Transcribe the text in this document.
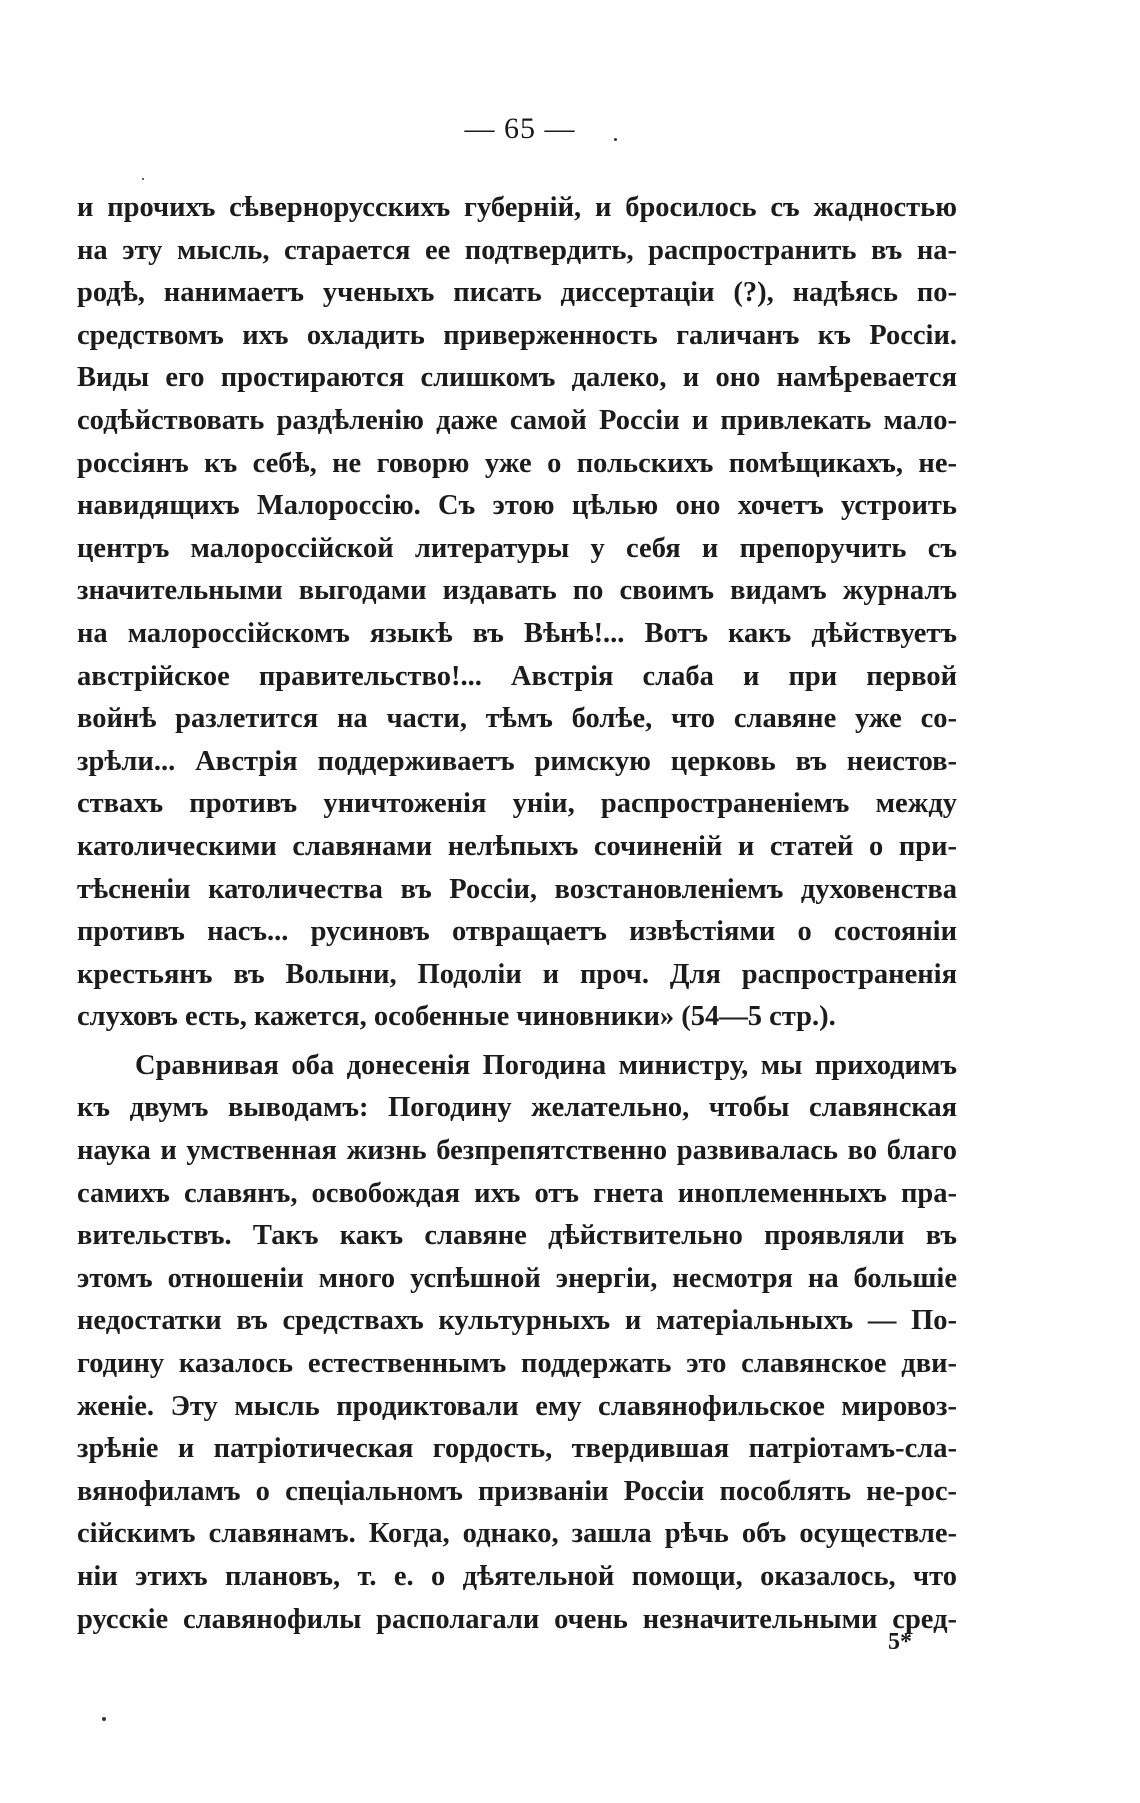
— 65 —
и прочихъ сѣвернорусскихъ губерній, и бросилось съ жадностью
на эту мысль, старается ее подтвердить, распространить въ на-
родѣ, нанимаетъ ученыхъ писать диссертаціи (?), надѣясь по-
средствомъ ихъ охладить приверженность галичанъ къ Россіи.
Виды его простираются слишкомъ далеко, и оно намѣревается
содѣйствовать раздѣленію даже самой Россіи и привлекать мало-
россіянъ къ себѣ, не говорю уже о польскихъ помѣщикахъ, не-
навидящихъ Малороссію. Съ этою цѣлью оно хочетъ устроить
центръ малороссійской литературы у себя и препоручить съ
значительными выгодами издавать по своимъ видамъ журналъ
на малороссійскомъ языкѣ въ Вѣнѣ!... Вотъ какъ дѣйствуетъ
австрійское правительство!... Австрія слаба и при первой
войнѣ разлетится на части, тѣмъ болѣе, что славяне уже со-
зрѣли... Австрія поддерживаетъ римскую церковь въ неистов-
ствахъ противъ уничтоженія уніи, распространеніемъ между
католическими славянами нелѣпыхъ сочиненій и статей о при-
тѣсненіи католичества въ Россіи, возстановленіемъ духовенства
противъ насъ... русиновъ отвращаетъ извѣстіями о состояніи
крестьянъ въ Волыни, Подоліи и проч. Для распространенія
слуховъ есть, кажется, особенные чиновники» (54—5 стр.).
Сравнивая оба донесенія Погодина министру, мы приходимъ
къ двумъ выводамъ: Погодину желательно, чтобы славянская
наука и умственная жизнь безпрепятственно развивалась во благо
самихъ славянъ, освобождая ихъ отъ гнета иноплеменныхъ пра-
вительствъ. Такъ какъ славяне дѣйствительно проявляли въ
этомъ отношеніи много успѣшной энергіи, несмотря на большіе
недостатки въ средствахъ культурныхъ и матеріальныхъ — По-
годину казалось естественнымъ поддержать это славянское дви-
женіе. Эту мысль продиктовали ему славянофильское мировоз-
зрѣніе и патріотическая гордость, твердившая патріотамъ-сла-
вянофиламъ о спеціальномъ призваніи Россіи пособлять не-рос-
сійскимъ славянамъ. Когда, однако, зашла рѣчь объ осуществле-
ніи этихъ плановъ, т. е. о дѣятельной помощи, оказалось, что
русскіе славянофилы располагали очень незначительными сред-
5*
